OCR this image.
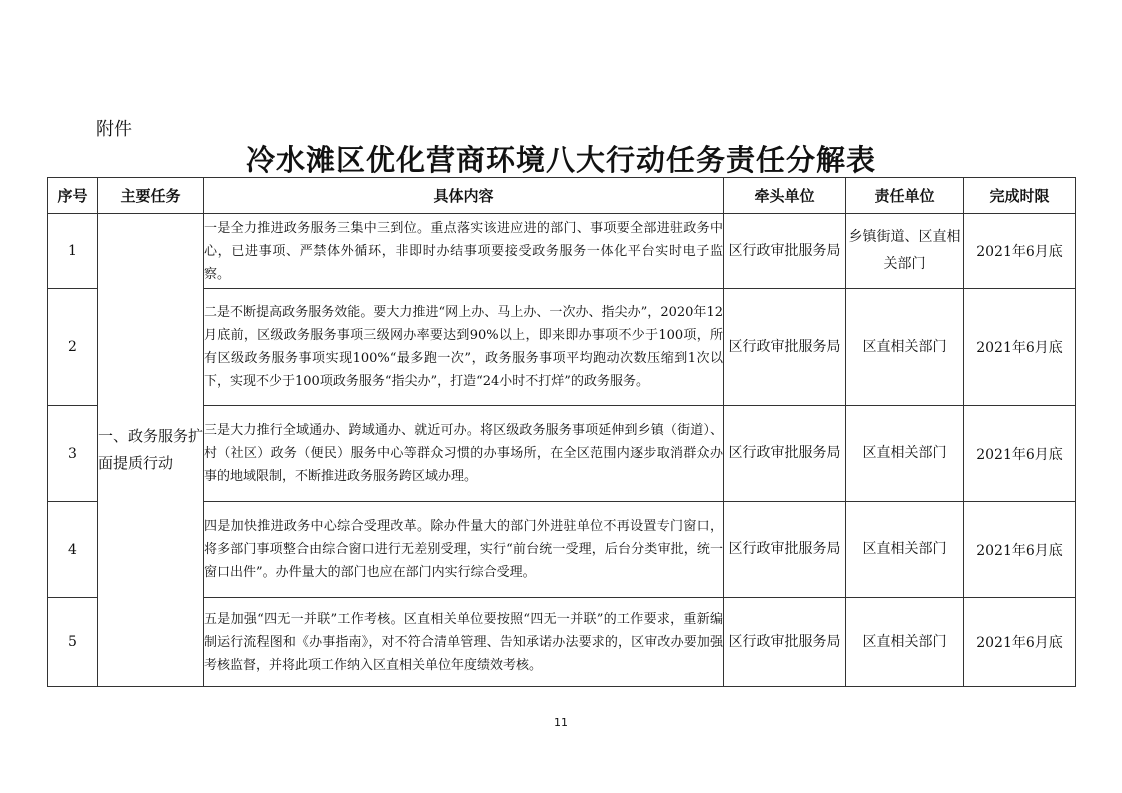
附件
冷水滩区优化营商环境八大行动任务责任分解表
序号	主要任务	具体内容	牵头单位	责任单位	完成时限
1	一、政务服务扩面提质行动	一是全力推进政务服务三集中三到位。重点落实该进应进的部门、事项要全部进驻政务中心，已进事项、严禁体外循环，非即时办结事项要接受政务服务一体化平台实时电子监察。	区行政审批服务局	乡镇街道、区直相关部门	2021年6月底
2		二是不断提高政务服务效能。要大力推进“网上办、马上办、一次办、指尖办”，2020年12月底前，区级政务服务事项三级网办率要达到90%以上，即来即办事项不少于100项，所有区级政务服务事项实现100%“最多跑一次”，政务服务事项平均跑动次数压缩到1次以下，实现不少于100项政务服务“指尖办”，打造“24小时不打烊”的政务服务。	区行政审批服务局	区直相关部门	2021年6月底
3		三是大力推行全域通办、跨域通办、就近可办。将区级政务服务事项延伸到乡镇（街道）、村（社区）政务（便民）服务中心等群众习惯的办事场所，在全区范围内逐步取消群众办事的地域限制，不断推进政务服务跨区域办理。	区行政审批服务局	区直相关部门	2021年6月底
4		四是加快推进政务中心综合受理改革。除办件量大的部门外进驻单位不再设置专门窗口，将多部门事项整合由综合窗口进行无差别受理，实行“前台统一受理，后台分类审批，统一窗口出件”。办件量大的部门也应在部门内实行综合受理。	区行政审批服务局	区直相关部门	2021年6月底
5		五是加强“四无一并联”工作考核。区直相关单位要按照“四无一并联”的工作要求，重新编制运行流程图和《办事指南》，对不符合清单管理、告知承诺办法要求的，区审改办要加强考核监督，并将此项工作纳入区直相关单位年度绩效考核。	区行政审批服务局	区直相关部门	2021年6月底
11
